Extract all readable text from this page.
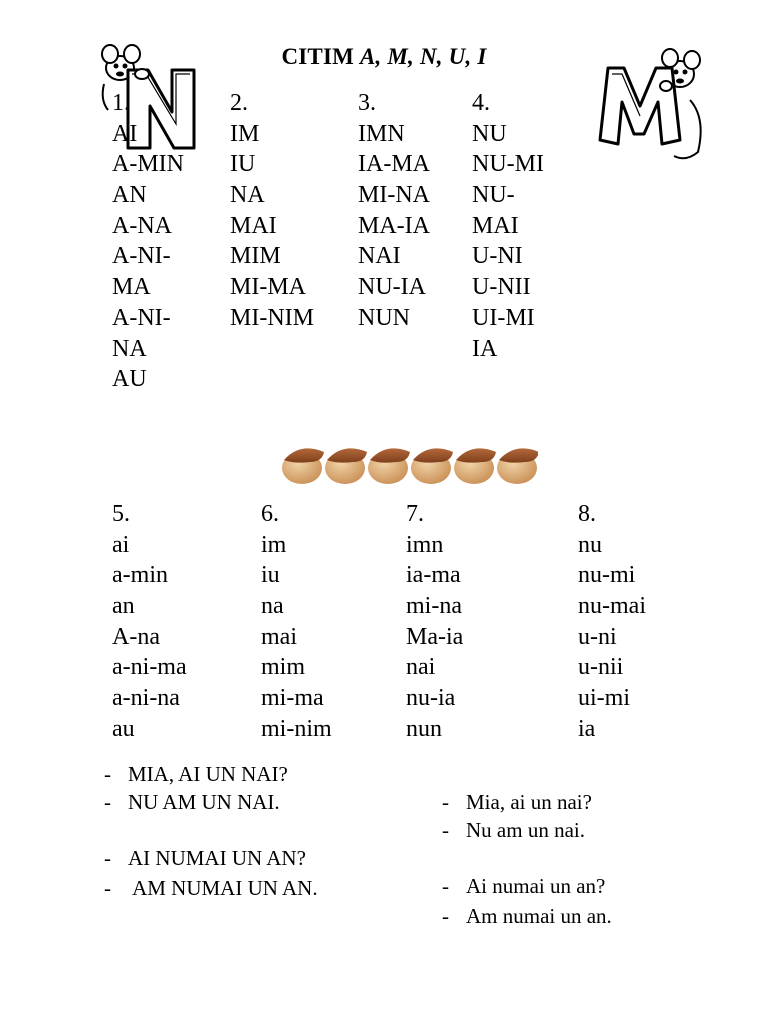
CITIM A, M, N, U, I
1.
AI
A-MIN
AN
A-NA
A-NI-
MA
A-NI-
NA
AU
2.
IM
IU
NA
MAI
MIM
MI-MA
MI-NIM
3.
IMN
IA-MA
MI-NA
MA-IA
NAI
NU-IA
NUN
4.
NU
NU-MI
NU-
MAI
U-NI
U-NII
UI-MI
IA
5.
ai
a-min
an
A-na
a-ni-ma
a-ni-na
au
6.
im
iu
na
mai
mim
mi-ma
mi-nim
7.
imn
ia-ma
mi-na
Ma-ia
nai
nu-ia
nun
8.
nu
nu-mi
nu-mai
u-ni
u-nii
ui-mi
ia
- MIA, AI UN NAI?
- NU AM UN NAI.
- AI NUMAI UN AN?
- AM NUMAI UN AN.
- Mia, ai un nai?
- Nu am un nai.
- Ai numai un an?
- Am numai un an.
